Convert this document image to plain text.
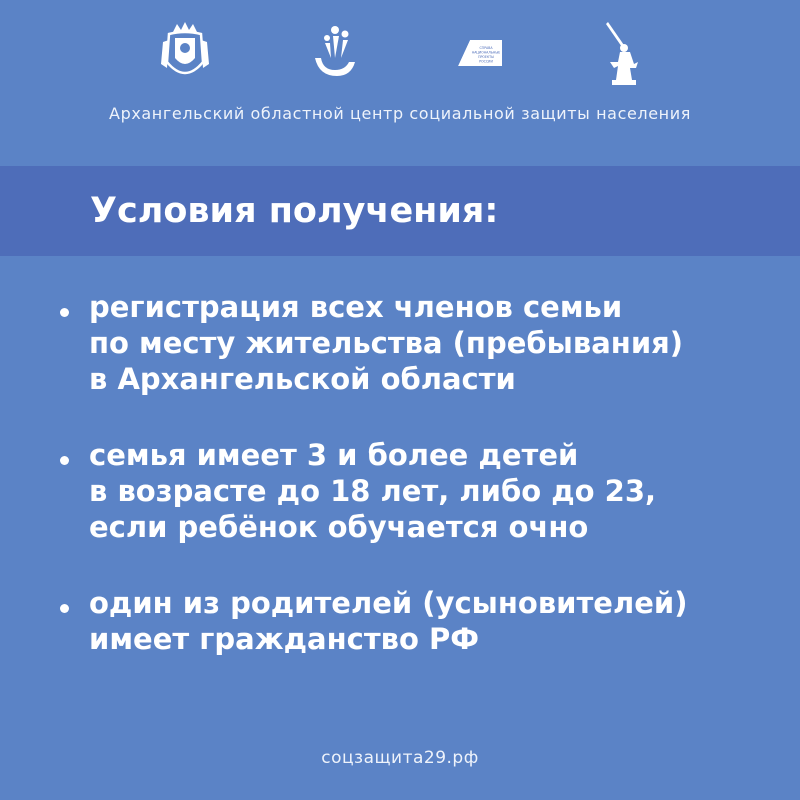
СПРАВА
НАЦИОНАЛЬНЫЕ
ПРОЕКТЫ
РОССИИ
Архангельский областной центр социальной защиты населения
Условия получения:
регистрация всех членов семьи
по месту жительства (пребывания)
в Архангельской области
семья имеет 3 и более детей
в возрасте до 18 лет, либо до 23,
если ребёнок обучается очно
один из родителей (усыновителей)
имеет гражданство РФ
соцзащита29.рф
